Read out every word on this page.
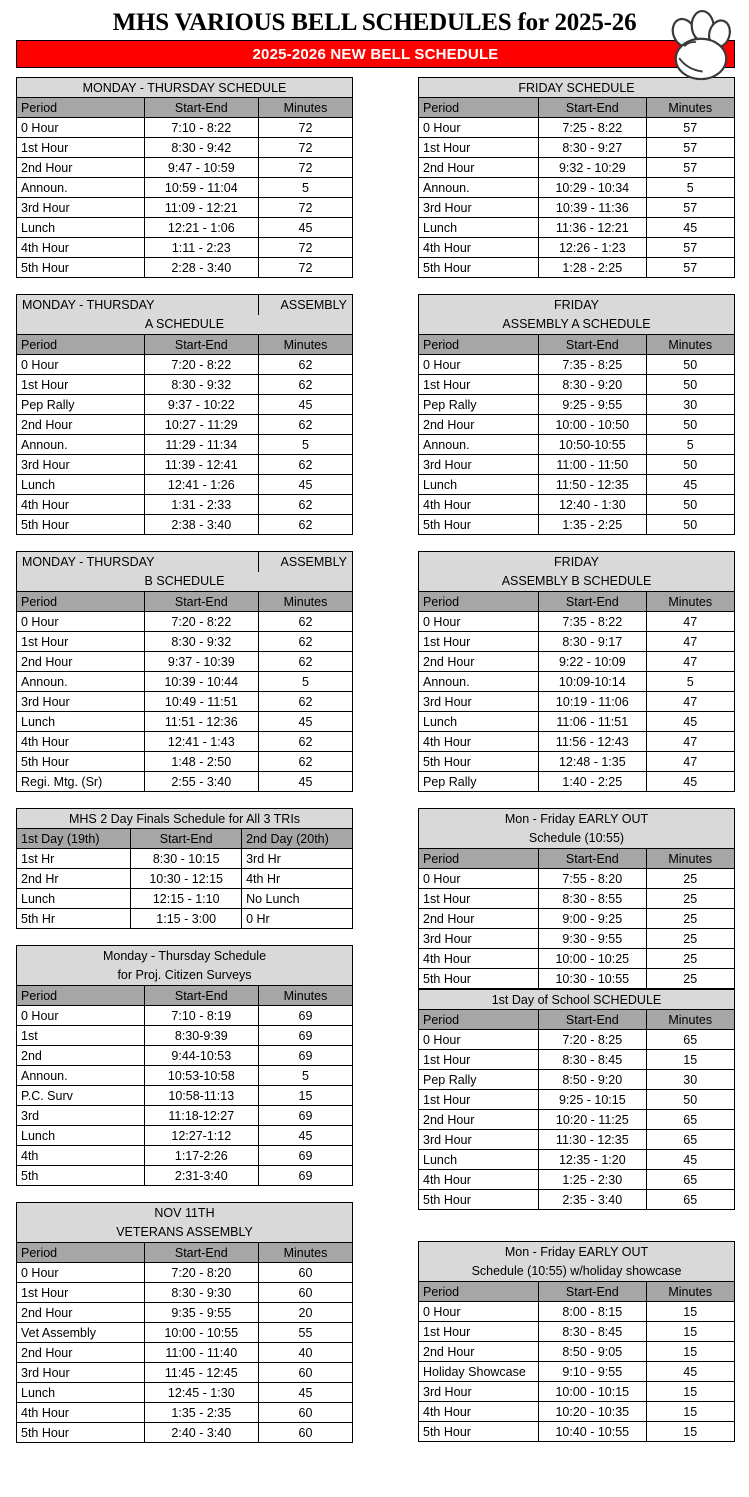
MHS VARIOUS BELL SCHEDULES for 2025-26
2025-2026 NEW BELL SCHEDULE
MONDAY - THURSDAY SCHEDULE		
Period	Start-End	Minutes
0 Hour	7:10 - 8:22	72
1st Hour	8:30 - 9:42	72
2nd Hour	9:47 - 10:59	72
Announ.	10:59 - 11:04	5
3rd Hour	11:09 - 12:21	72
Lunch	12:21 - 1:06	45
4th Hour	1:11 - 2:23	72
5th Hour	2:28 - 3:40	72
MONDAY - THURSDAY		ASSEMBLY
A SCHEDULE		
Period	Start-End	Minutes
0 Hour	7:20 - 8:22	62
1st Hour	8:30 - 9:32	62
Pep Rally	9:37 - 10:22	45
2nd Hour	10:27 - 11:29	62
Announ.	11:29 - 11:34	5
3rd Hour	11:39 - 12:41	62
Lunch	12:41 - 1:26	45
4th Hour	1:31 - 2:33	62
5th Hour	2:38 - 3:40	62
MONDAY - THURSDAY		ASSEMBLY
B SCHEDULE		
Period	Start-End	Minutes
0 Hour	7:20 - 8:22	62
1st Hour	8:30 - 9:32	62
2nd Hour	9:37 - 10:39	62
Announ.	10:39 - 10:44	5
3rd Hour	10:49 - 11:51	62
Lunch	11:51 - 12:36	45
4th Hour	12:41 - 1:43	62
5th Hour	1:48 - 2:50	62
Regi. Mtg. (Sr)	2:55 - 3:40	45
MHS 2 Day Finals Schedule for All 3 TRIs		
1st Day (19th)	Start-End	2nd Day (20th)
1st Hr	8:30 - 10:15	3rd Hr
2nd Hr	10:30 - 12:15	4th Hr
Lunch	12:15 - 1:10	No Lunch
5th Hr	1:15 - 3:00	0 Hr
Monday - Thursday Schedule		
for Proj. Citizen Surveys		
Period	Start-End	Minutes
0 Hour	7:10 - 8:19	69
1st	8:30-9:39	69
2nd	9:44-10:53	69
Announ.	10:53-10:58	5
P.C. Surv	10:58-11:13	15
3rd	11:18-12:27	69
Lunch	12:27-1:12	45
4th	1:17-2:26	69
5th	2:31-3:40	69
NOV 11TH		
VETERANS ASSEMBLY		
Period	Start-End	Minutes
0 Hour	7:20 - 8:20	60
1st Hour	8:30 - 9:30	60
2nd Hour	9:35 - 9:55	20
Vet Assembly	10:00 - 10:55	55
2nd Hour	11:00 - 11:40	40
3rd Hour	11:45 - 12:45	60
Lunch	12:45 - 1:30	45
4th Hour	1:35 - 2:35	60
5th Hour	2:40 - 3:40	60
FRIDAY SCHEDULE		
Period	Start-End	Minutes
0 Hour	7:25 - 8:22	57
1st Hour	8:30 - 9:27	57
2nd Hour	9:32 - 10:29	57
Announ.	10:29 - 10:34	5
3rd Hour	10:39 - 11:36	57
Lunch	11:36 - 12:21	45
4th Hour	12:26 - 1:23	57
5th Hour	1:28 - 2:25	57
FRIDAY		
ASSEMBLY A SCHEDULE		
Period	Start-End	Minutes
0 Hour	7:35 - 8:25	50
1st Hour	8:30 - 9:20	50
Pep Rally	9:25 - 9:55	30
2nd Hour	10:00 - 10:50	50
Announ.	10:50-10:55	5
3rd Hour	11:00 - 11:50	50
Lunch	11:50 - 12:35	45
4th Hour	12:40 - 1:30	50
5th Hour	1:35 - 2:25	50
FRIDAY		
ASSEMBLY B SCHEDULE		
Period	Start-End	Minutes
0 Hour	7:35 - 8:22	47
1st Hour	8:30 - 9:17	47
2nd Hour	9:22 - 10:09	47
Announ.	10:09-10:14	5
3rd Hour	10:19 - 11:06	47
Lunch	11:06 - 11:51	45
4th Hour	11:56 - 12:43	47
5th Hour	12:48 - 1:35	47
Pep Rally	1:40 - 2:25	45
Mon - Friday EARLY OUT		
Schedule (10:55)		
Period	Start-End	Minutes
0 Hour	7:55 - 8:20	25
1st Hour	8:30 - 8:55	25
2nd Hour	9:00 - 9:25	25
3rd Hour	9:30 - 9:55	25
4th Hour	10:00 - 10:25	25
5th Hour	10:30 - 10:55	25
1st Day of School SCHEDULE		
Period	Start-End	Minutes
0 Hour	7:20 - 8:25	65
1st Hour	8:30 - 8:45	15
Pep Rally	8:50 - 9:20	30
1st Hour	9:25 - 10:15	50
2nd Hour	10:20 - 11:25	65
3rd Hour	11:30 - 12:35	65
Lunch	12:35 - 1:20	45
4th Hour	1:25 - 2:30	65
5th Hour	2:35 - 3:40	65
Mon - Friday EARLY OUT		
Schedule (10:55) w/holiday showcase		
Period	Start-End	Minutes
0 Hour	8:00 - 8:15	15
1st Hour	8:30 - 8:45	15
2nd Hour	8:50 - 9:05	15
Holiday Showcase	9:10 - 9:55	45
3rd Hour	10:00 - 10:15	15
4th Hour	10:20 - 10:35	15
5th Hour	10:40 - 10:55	15
